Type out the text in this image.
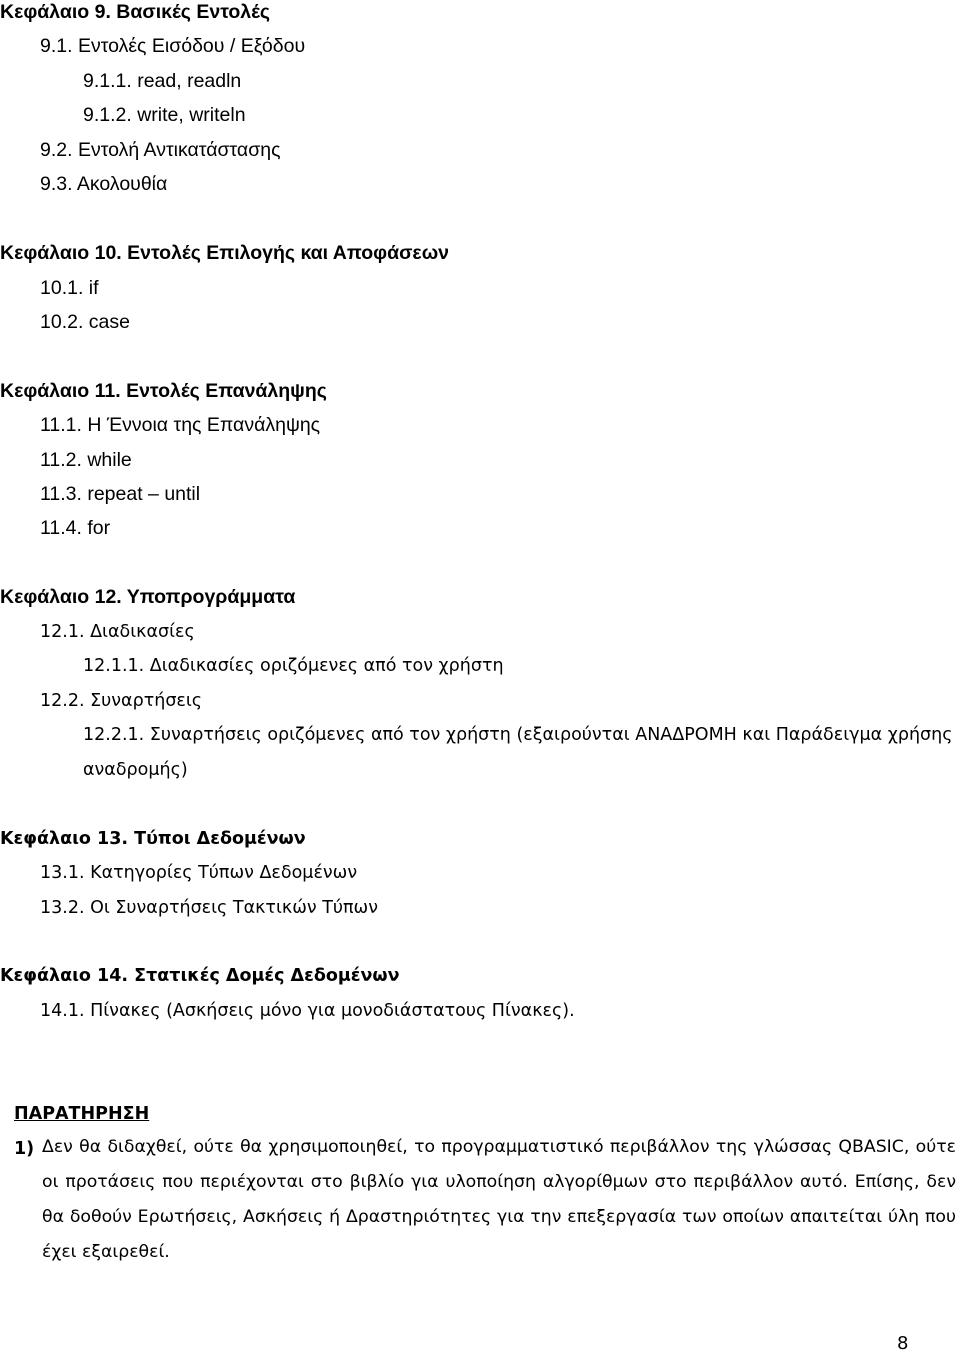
Κεφάλαιο 9. Βασικές Εντολές
9.1. Εντολές Εισόδου / Εξόδου
9.1.1. read, readln
9.1.2. write, writeln
9.2. Εντολή Αντικατάστασης
9.3. Ακολουθία
Κεφάλαιο 10. Εντολές Επιλογής και Αποφάσεων
10.1. if
10.2. case
Κεφάλαιο 11. Εντολές Επανάληψης
11.1. Η Έννοια της Επανάληψης
11.2. while
11.3. repeat – until
11.4. for
Κεφάλαιο 12. Υποπρογράμματα
12.1. Διαδικασίες
12.1.1. Διαδικασίες οριζόμενες από τον χρήστη
12.2. Συναρτήσεις
12.2.1. Συναρτήσεις οριζόμενες από τον χρήστη (εξαιρούνται ΑΝΑΔΡΟΜΗ και Παράδειγμα χρήσης
αναδρομής)
Κεφάλαιο 13. Τύποι Δεδομένων
13.1. Κατηγορίες Τύπων Δεδομένων
13.2. Οι Συναρτήσεις Τακτικών Τύπων
Κεφάλαιο 14. Στατικές Δομές Δεδομένων
14.1. Πίνακες (Ασκήσεις μόνο για μονοδιάστατους Πίνακες).
ΠΑΡΑΤΗΡΗΣΗ
1) Δεν θα διδαχθεί, ούτε θα χρησιμοποιηθεί, το προγραμματιστικό περιβάλλον της γλώσσας QBASIC, ούτε οι προτάσεις που περιέχονται στο βιβλίο για υλοποίηση αλγορίθμων στο περιβάλλον αυτό. Επίσης, δεν θα δοθούν Ερωτήσεις, Ασκήσεις ή Δραστηριότητες για την επεξεργασία των οποίων απαιτείται ύλη που έχει εξαιρεθεί.
8
